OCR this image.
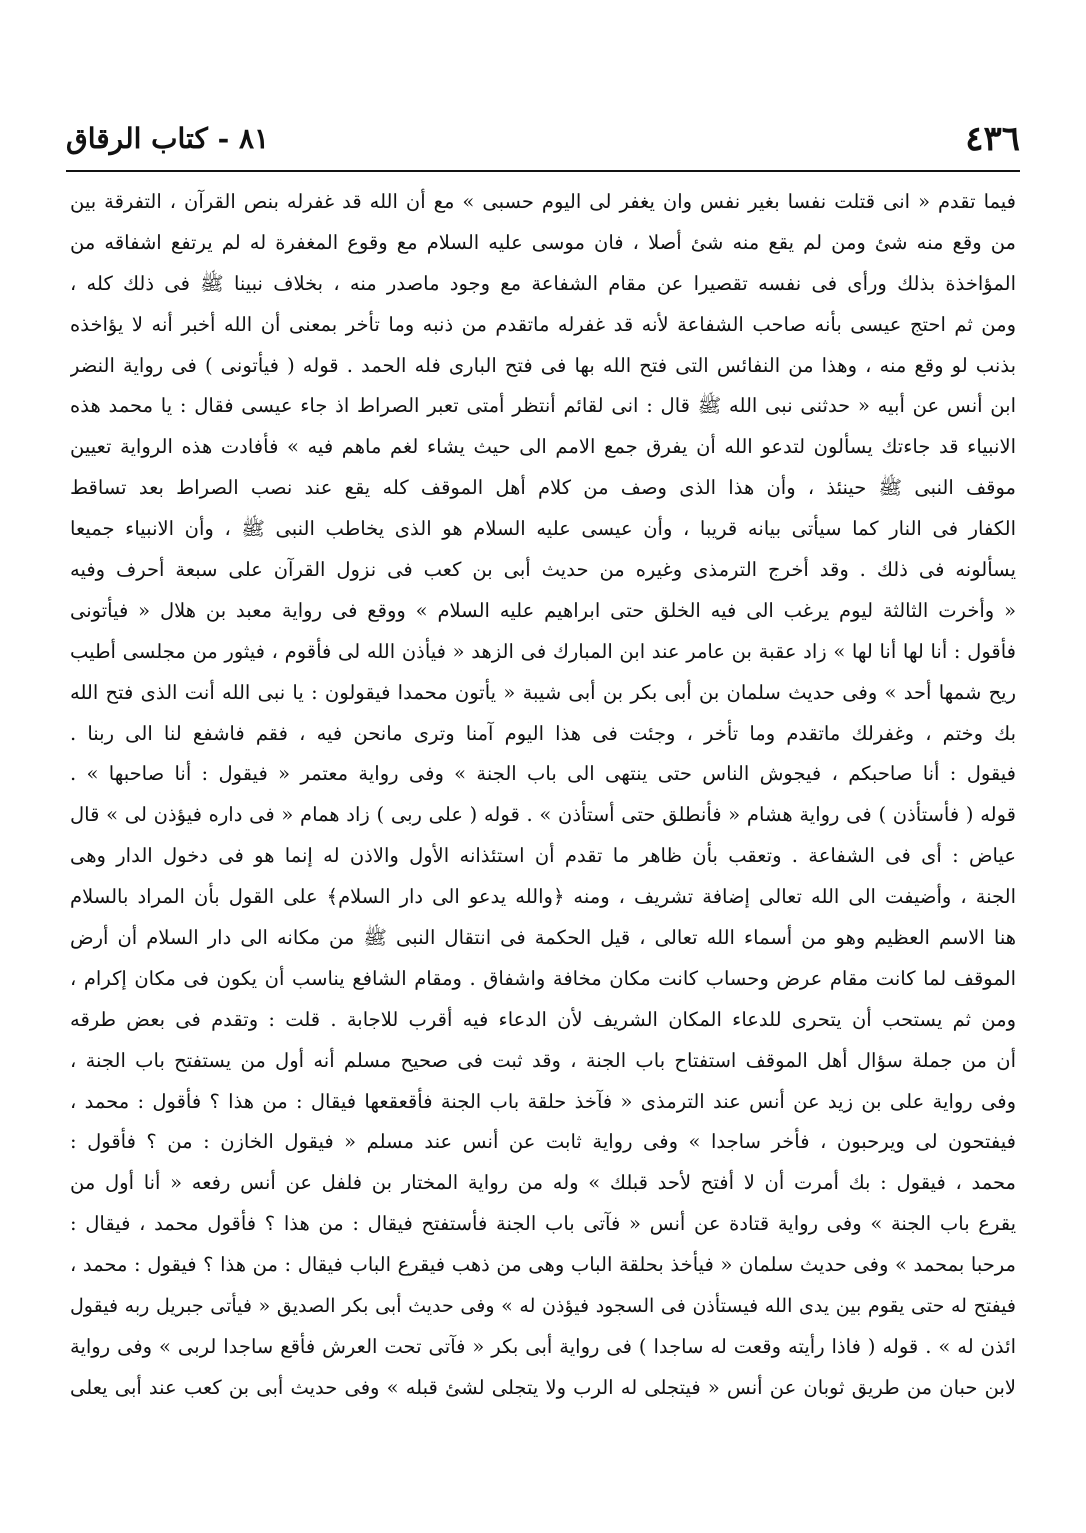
٤٣٦
٨١ - كتاب الرقاق
فيما تقدم « انى قتلت نفسا بغير نفس وان يغفر لى اليوم حسبى » مع أن الله قد غفرله بنص القرآن ، التفرقة بين
من وقع منه شئ ومن لم يقع منه شئ أصلا ، فان موسى عليه السلام مع وقوع المغفرة له لم يرتفع اشفاقه من
المؤاخذة بذلك ورأى فى نفسه تقصيرا عن مقام الشفاعة مع وجود ماصدر منه ، بخلاف نبينا ﷺ فى ذلك كله ،
ومن ثم احتج عيسى بأنه صاحب الشفاعة لأنه قد غفرله ماتقدم من ذنبه وما تأخر بمعنى أن الله أخبر أنه لا يؤاخذه
بذنب لو وقع منه ، وهذا من النفائس التى فتح الله بها فى فتح البارى فله الحمد . قوله ( فيأتونى ) فى رواية النضر
ابن أنس عن أبيه « حدثنى نبى الله ﷺ قال : انى لقائم أنتظر أمتى تعبر الصراط اذ جاء عيسى فقال : يا محمد هذه
الانبياء قد جاءتك يسألون لتدعو الله أن يفرق جمع الامم الى حيث يشاء لغم ماهم فيه » فأفادت هذه الرواية تعيين
موقف النبى ﷺ حينئذ ، وأن هذا الذى وصف من كلام أهل الموقف كله يقع عند نصب الصراط بعد تساقط
الكفار فى النار كما سيأتى بيانه قريبا ، وأن عيسى عليه السلام هو الذى يخاطب النبى ﷺ ، وأن الانبياء جميعا
يسألونه فى ذلك . وقد أخرج الترمذى وغيره من حديث أبى بن كعب فى نزول القرآن على سبعة أحرف وفيه
« وأخرت الثالثة ليوم يرغب الى فيه الخلق حتى ابراهيم عليه السلام » ووقع فى رواية معبد بن هلال « فيأتونى
فأقول : أنا لها أنا لها » زاد عقبة بن عامر عند ابن المبارك فى الزهد « فيأذن الله لى فأقوم ، فيثور من مجلسى أطيب
ريح شمها أحد » وفى حديث سلمان بن أبى بكر بن أبى شيبة « يأتون محمدا فيقولون : يا نبى الله أنت الذى فتح الله
بك وختم ، وغفرلك ماتقدم وما تأخر ، وجئت فى هذا اليوم آمنا وترى مانحن فيه ، فقم فاشفع لنا الى ربنا .
فيقول : أنا صاحبكم ، فيجوش الناس حتى ينتهى الى باب الجنة » وفى رواية معتمر « فيقول : أنا صاحبها » .
قوله ( فأستأذن ) فى رواية هشام « فأنطلق حتى أستأذن » . قوله ( على ربى ) زاد همام « فى داره فيؤذن لى » قال
عياض : أى فى الشفاعة . وتعقب بأن ظاهر ما تقدم أن استئذانه الأول والاذن له إنما هو فى دخول الدار وهى
الجنة ، وأضيفت الى الله تعالى إضافة تشريف ، ومنه ﴿والله يدعو الى دار السلام﴾ على القول بأن المراد بالسلام
هنا الاسم العظيم وهو من أسماء الله تعالى ، قيل الحكمة فى انتقال النبى ﷺ من مكانه الى دار السلام أن أرض
الموقف لما كانت مقام عرض وحساب كانت مكان مخافة واشفاق . ومقام الشافع يناسب أن يكون فى مكان إكرام ،
ومن ثم يستحب أن يتحرى للدعاء المكان الشريف لأن الدعاء فيه أقرب للاجابة . قلت : وتقدم فى بعض طرقه
أن من جملة سؤال أهل الموقف استفتاح باب الجنة ، وقد ثبت فى صحيح مسلم أنه أول من يستفتح باب الجنة ،
وفى رواية على بن زيد عن أنس عند الترمذى « فآخذ حلقة باب الجنة فأقعقعها فيقال : من هذا ؟ فأقول : محمد ،
فيفتحون لى ويرحبون ، فأخر ساجدا » وفى رواية ثابت عن أنس عند مسلم « فيقول الخازن : من ؟ فأقول :
محمد ، فيقول : بك أمرت أن لا أفتح لأحد قبلك » وله من رواية المختار بن فلفل عن أنس رفعه « أنا أول من
يقرع باب الجنة » وفى رواية قتادة عن أنس « فآتى باب الجنة فأستفتح فيقال : من هذا ؟ فأقول محمد ، فيقال :
مرحبا بمحمد » وفى حديث سلمان « فيأخذ بحلقة الباب وهى من ذهب فيقرع الباب فيقال : من هذا ؟ فيقول : محمد ،
فيفتح له حتى يقوم بين يدى الله فيستأذن فى السجود فيؤذن له » وفى حديث أبى بكر الصديق « فيأتى جبريل ربه فيقول
ائذن له » . قوله ( فاذا رأيته وقعت له ساجدا ) فى رواية أبى بكر « فآتى تحت العرش فأقع ساجدا لربى » وفى رواية
لابن حبان من طريق ثوبان عن أنس « فيتجلى له الرب ولا يتجلى لشئ قبله » وفى حديث أبى بن كعب عند أبى يعلى
